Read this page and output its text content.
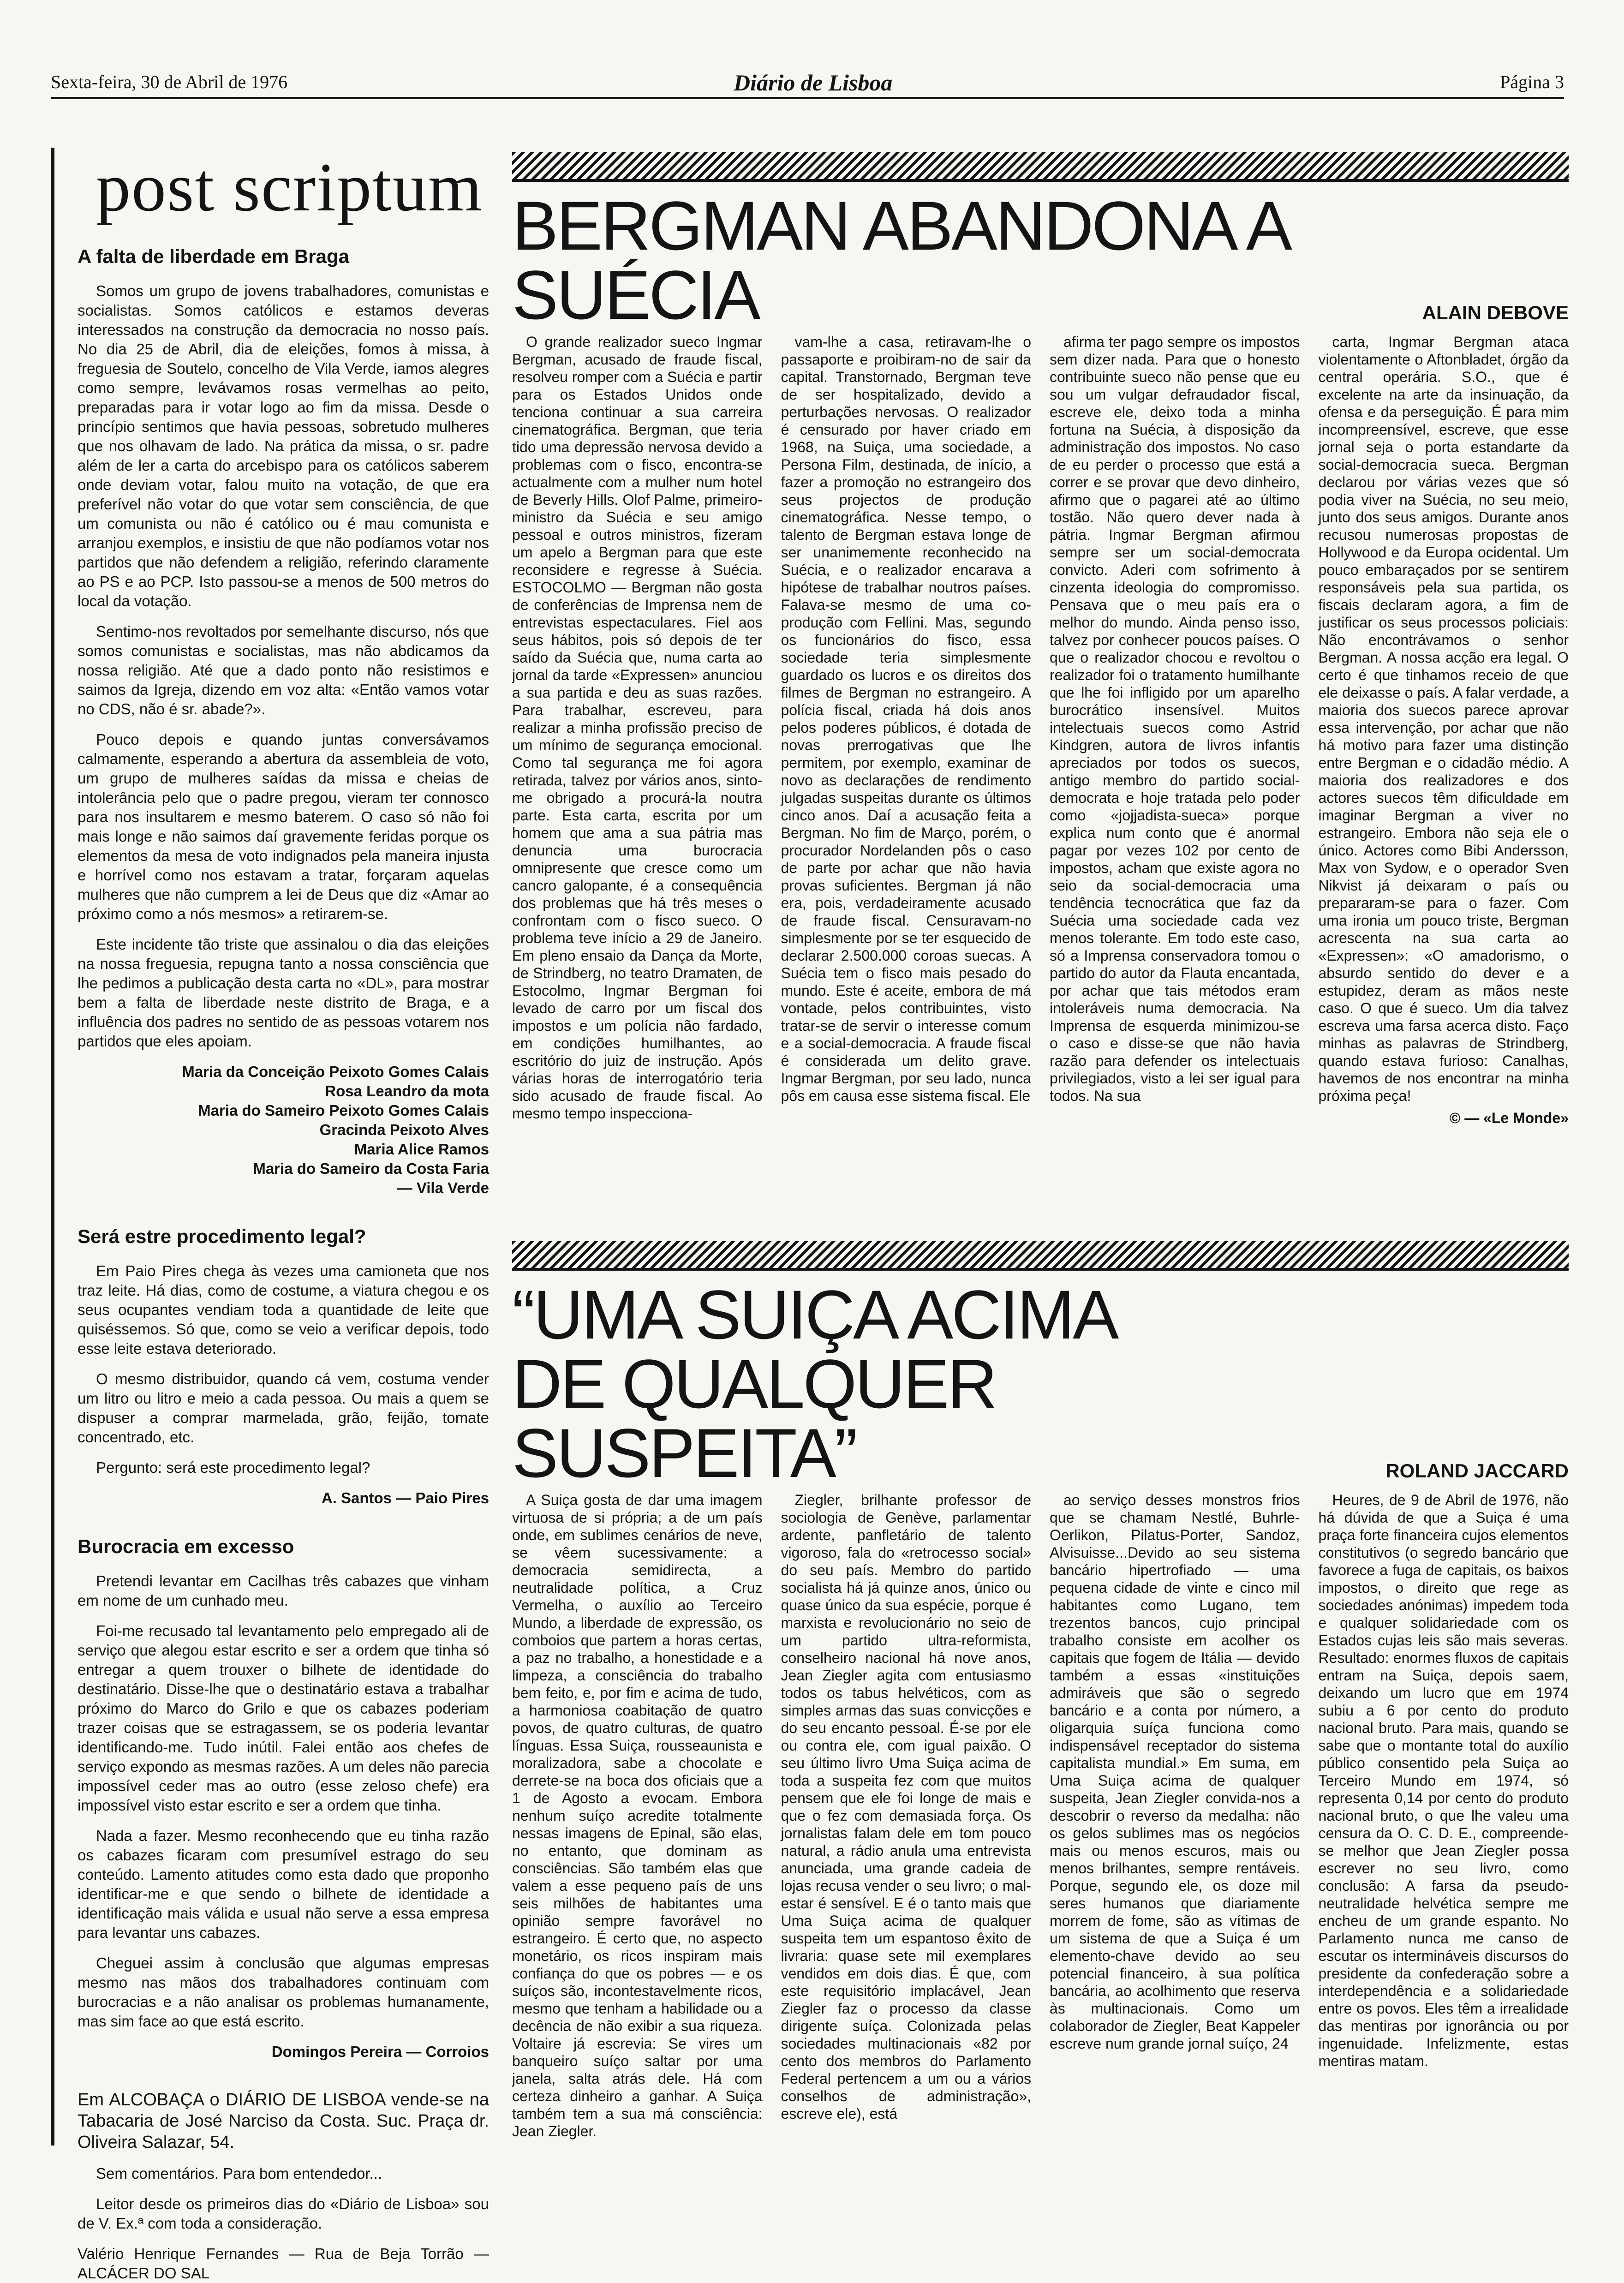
Sexta-feira, 30 de Abril de 1976	Diário de Lisboa	Página 3
post scriptum
A falta de liberdade em Braga

Somos um grupo de jovens trabalhadores, comunistas e socialistas. Somos católicos e estamos deveras interessados na construção da democracia no nosso país. No dia 25 de Abril, dia de eleições, fomos à missa, à freguesia de Soutelo, concelho de Vila Verde, iamos alegres como sempre, levávamos rosas vermelhas ao peito, preparadas para ir votar logo ao fim da missa. Desde o princípio sentimos que havia pessoas, sobretudo mulheres que nos olhavam de lado. Na prática da missa, o sr. padre além de ler a carta do arcebispo para os católicos saberem onde deviam votar, falou muito na votação, de que era preferível não votar do que votar sem consciência, de que um comunista ou não é católico ou é mau comunista e arranjou exemplos, e insistiu de que não podíamos votar nos partidos que não defendem a religião, referindo claramente ao PS e ao PCP. Isto passou-se a menos de 500 metros do local da votação.

Sentimo-nos revoltados por semelhante discurso, nós que somos comunistas e socialistas, mas não abdicamos da nossa religião. Até que a dado ponto não resistimos e saimos da Igreja, dizendo em voz alta: «Então vamos votar no CDS, não é sr. abade?».

Pouco depois e quando juntas conversávamos calmamente, esperando a abertura da assembleia de voto, um grupo de mulheres saídas da missa e cheias de intolerância pelo que o padre pregou, vieram ter connosco para nos insultarem e mesmo baterem. O caso só não foi mais longe e não saimos daí gravemente feridas porque os elementos da mesa de voto indignados pela maneira injusta e horrível como nos estavam a tratar, forçaram aquelas mulheres que não cumprem a lei de Deus que diz «Amar ao próximo como a nós mesmos» a retirarem-se.

Este incidente tão triste que assinalou o dia das eleições na nossa freguesia, repugna tanto a nossa consciência que lhe pedimos a publicação desta carta no «DL», para mostrar bem a falta de liberdade neste distrito de Braga, e a influência dos padres no sentido de as pessoas votarem nos partidos que eles apoiam.

Maria da Conceição Peixoto Gomes Calais

Rosa Leandro da mota

Maria do Sameiro Peixoto Gomes Calais

Gracinda Peixoto Alves

Maria Alice Ramos

Maria do Sameiro da Costa Faria

— Vila Verde

Será estre procedimento legal?

Em Paio Pires chega às vezes uma camioneta que nos traz leite. Há dias, como de costume, a viatura chegou e os seus ocupantes vendiam toda a quantidade de leite que quiséssemos. Só que, como se veio a verificar depois, todo esse leite estava deteriorado.

O mesmo distribuidor, quando cá vem, costuma vender um litro ou litro e meio a cada pessoa. Ou mais a quem se dispuser a comprar marmelada, grão, feijão, tomate concentrado, etc.

Pergunto: será este procedimento legal?

A. Santos — Paio Pires

Burocracia em excesso

Pretendi levantar em Cacilhas três cabazes que vinham em nome de um cunhado meu.

Foi-me recusado tal levantamento pelo empregado ali de serviço que alegou estar escrito e ser a ordem que tinha só entregar a quem trouxer o bilhete de identidade do destinatário. Disse-lhe que o destinatário estava a trabalhar próximo do Marco do Grilo e que os cabazes poderiam trazer coisas que se estragassem, se os poderia levantar identificando-me. Tudo inútil. Falei então aos chefes de serviço expondo as mesmas razões. A um deles não parecia impossível ceder mas ao outro (esse zeloso chefe) era impossível visto estar escrito e ser a ordem que tinha.

Nada a fazer. Mesmo reconhecendo que eu tinha razão os cabazes ficaram com presumível estrago do seu conteúdo. Lamento atitudes como esta dado que proponho identificar-me e que sendo o bilhete de identidade a identificação mais válida e usual não serve a essa empresa para levantar uns cabazes.

Cheguei assim à conclusão que algumas empresas mesmo nas mãos dos trabalhadores continuam com burocracias e a não analisar os problemas humanamente, mas sim face ao que está escrito.

Domingos Pereira — Corroios

Em ALCOBAÇA o DIÁRIO DE LISBOA vende-se na Tabacaria de José Narciso da Costa. Suc. Praça dr. Oliveira Salazar, 54.

Sem comentários. Para bom entendedor...

Leitor desde os primeiros dias do «Diário de Lisboa» sou de V. Ex.ª com toda a consideração.

Valério Henrique Fernandes — Rua de Beja Torrão — ALCÁCER DO SAL

BERGMAN ABANDONA A SUÉCIA	ALAIN DEBOVE

O grande realizador sueco Ingmar Bergman, acusado de fraude fiscal, resolveu romper com a Suécia e partir para os Estados Unidos onde tenciona continuar a sua carreira cinematográfica. Bergman, que teria tido uma depressão nervosa devido a problemas com o fisco, encontra-se actualmente com a mulher num hotel de Beverly Hills. Olof Palme, primeiro-ministro da Suécia e seu amigo pessoal e outros ministros, fizeram um apelo a Bergman para que este reconsidere e regresse à Suécia. ESTOCOLMO — Bergman não gosta de conferências de Imprensa nem de entrevistas espectaculares. Fiel aos seus hábitos, pois só depois de ter saído da Suécia que, numa carta ao jornal da tarde «Expressen» anunciou a sua partida e deu as suas razões. Para trabalhar, escreveu, para realizar a minha profissão preciso de um mínimo de segurança emocional. Como tal segurança me foi agora retirada, talvez por vários anos, sinto-me obrigado a procurá-la noutra parte. Esta carta, escrita por um homem que ama a sua pátria mas denuncia uma burocracia omnipresente que cresce como um cancro galopante, é a consequência dos problemas que há três meses o confrontam com o fisco sueco. O problema teve início a 29 de Janeiro. Em pleno ensaio da Dança da Morte, de Strindberg, no teatro Dramaten, de Estocolmo, Ingmar Bergman foi levado de carro por um fiscal dos impostos e um polícia não fardado, em condições humilhantes, ao escritório do juiz de instrução. Após várias horas de interrogatório teria sido acusado de fraude fiscal. Ao mesmo tempo inspecciona-

vam-lhe a casa, retiravam-lhe o passaporte e proibiram-no de sair da capital. Transtornado, Bergman teve de ser hospitalizado, devido a perturbações nervosas. O realizador é censurado por haver criado em 1968, na Suiça, uma sociedade, a Persona Film, destinada, de início, a fazer a promoção no estrangeiro dos seus projectos de produção cinematográfica. Nesse tempo, o talento de Bergman estava longe de ser unanimemente reconhecido na Suécia, e o realizador encarava a hipótese de trabalhar noutros países. Falava-se mesmo de uma co-produção com Fellini. Mas, segundo os funcionários do fisco, essa sociedade teria simplesmente guardado os lucros e os direitos dos filmes de Bergman no estrangeiro. A polícia fiscal, criada há dois anos pelos poderes públicos, é dotada de novas prerrogativas que lhe permitem, por exemplo, examinar de novo as declarações de rendimento julgadas suspeitas durante os últimos cinco anos. Daí a acusação feita a Bergman. No fim de Março, porém, o procurador Nordelanden pôs o caso de parte por achar que não havia provas suficientes. Bergman já não era, pois, verdadeiramente acusado de fraude fiscal. Censuravam-no simplesmente por se ter esquecido de declarar 2.500.000 coroas suecas. A Suécia tem o fisco mais pesado do mundo. Este é aceite, embora de má vontade, pelos contribuintes, visto tratar-se de servir o interesse comum e a social-democracia. A fraude fiscal é considerada um delito grave. Ingmar Bergman, por seu lado, nunca pôs em causa esse sistema fiscal. Ele

afirma ter pago sempre os impostos sem dizer nada. Para que o honesto contribuinte sueco não pense que eu sou um vulgar defraudador fiscal, escreve ele, deixo toda a minha fortuna na Suécia, à disposição da administração dos impostos. No caso de eu perder o processo que está a correr e se provar que devo dinheiro, afirmo que o pagarei até ao último tostão. Não quero dever nada à pátria. Ingmar Bergman afirmou sempre ser um social-democrata convicto. Aderi com sofrimento à cinzenta ideologia do compromisso. Pensava que o meu país era o melhor do mundo. Ainda penso isso, talvez por conhecer poucos países. O que o realizador chocou e revoltou o realizador foi o tratamento humilhante que lhe foi infligido por um aparelho burocrático insensível. Muitos intelectuais suecos como Astrid Kindgren, autora de livros infantis apreciados por todos os suecos, antigo membro do partido social-democrata e hoje tratada pelo poder como «jojjadista-sueca» porque explica num conto que é anormal pagar por vezes 102 por cento de impostos, acham que existe agora no seio da social-democracia uma tendência tecnocrática que faz da Suécia uma sociedade cada vez menos tolerante. Em todo este caso, só a Imprensa conservadora tomou o partido do autor da Flauta encantada, por achar que tais métodos eram intoleráveis numa democracia. Na Imprensa de esquerda minimizou-se o caso e disse-se que não havia razão para defender os intelectuais privilegiados, visto a lei ser igual para todos. Na sua

carta, Ingmar Bergman ataca violentamente o Aftonbladet, órgão da central operária. S.O., que é excelente na arte da insinuação, da ofensa e da perseguição. É para mim incompreensível, escreve, que esse jornal seja o porta estandarte da social-democracia sueca. Bergman declarou por várias vezes que só podia viver na Suécia, no seu meio, junto dos seus amigos. Durante anos recusou numerosas propostas de Hollywood e da Europa ocidental. Um pouco embaraçados por se sentirem responsáveis pela sua partida, os fiscais declaram agora, a fim de justificar os seus processos policiais: Não encontrávamos o senhor Bergman. A nossa acção era legal. O certo é que tinhamos receio de que ele deixasse o país. A falar verdade, a maioria dos suecos parece aprovar essa intervenção, por achar que não há motivo para fazer uma distinção entre Bergman e o cidadão médio. A maioria dos realizadores e dos actores suecos têm dificuldade em imaginar Bergman a viver no estrangeiro. Embora não seja ele o único. Actores como Bibi Andersson, Max von Sydow, e o operador Sven Nikvist já deixaram o país ou prepararam-se para o fazer. Com uma ironia um pouco triste, Bergman acrescenta na sua carta ao «Expressen»: «O amadorismo, o absurdo sentido do dever e a estupidez, deram as mãos neste caso. O que é sueco. Um dia talvez escreva uma farsa acerca disto. Faço minhas as palavras de Strindberg, quando estava furioso: Canalhas, havemos de nos encontrar na minha próxima peça!

© — «Le Monde»

“UMA SUIÇA ACIMA
DE QUALQUER SUSPEITA”	ROLAND JACCARD

A Suiça gosta de dar uma imagem virtuosa de si própria; a de um país onde, em sublimes cenários de neve, se vêem sucessivamente: a democracia semidirecta, a neutralidade política, a Cruz Vermelha, o auxílio ao Terceiro Mundo, a liberdade de expressão, os comboios que partem a horas certas, a paz no trabalho, a honestidade e a limpeza, a consciência do trabalho bem feito, e, por fim e acima de tudo, a harmoniosa coabitação de quatro povos, de quatro culturas, de quatro línguas. Essa Suiça, rousseaunista e moralizadora, sabe a chocolate e derrete-se na boca dos oficiais que a 1 de Agosto a evocam. Embora nenhum suíço acredite totalmente nessas imagens de Epinal, são elas, no entanto, que dominam as consciências. São também elas que valem a esse pequeno país de uns seis milhões de habitantes uma opinião sempre favorável no estrangeiro. É certo que, no aspecto monetário, os ricos inspiram mais confiança do que os pobres — e os suíços são, incontestavelmente ricos, mesmo que tenham a habilidade ou a decência de não exibir a sua riqueza. Voltaire já escrevia: Se vires um banqueiro suíço saltar por uma janela, salta atrás dele. Há com certeza dinheiro a ganhar. A Suiça também tem a sua má consciência: Jean Ziegler.

Ziegler, brilhante professor de sociologia de Genève, parlamentar ardente, panfletário de talento vigoroso, fala do «retrocesso social» do seu país. Membro do partido socialista há já quinze anos, único ou quase único da sua espécie, porque é marxista e revolucionário no seio de um partido ultra-reformista, conselheiro nacional há nove anos, Jean Ziegler agita com entusiasmo todos os tabus helvéticos, com as simples armas das suas convicções e do seu encanto pessoal. É-se por ele ou contra ele, com igual paixão. O seu último livro Uma Suiça acima de toda a suspeita fez com que muitos pensem que ele foi longe de mais e que o fez com demasiada força. Os jornalistas falam dele em tom pouco natural, a rádio anula uma entrevista anunciada, uma grande cadeia de lojas recusa vender o seu livro; o mal-estar é sensível. E é o tanto mais que Uma Suiça acima de qualquer suspeita tem um espantoso êxito de livraria: quase sete mil exemplares vendidos em dois dias. É que, com este requisitório implacável, Jean Ziegler faz o processo da classe dirigente suíça. Colonizada pelas sociedades multinacionais «82 por cento dos membros do Parlamento Federal pertencem a um ou a vários conselhos de administração», escreve ele), está

ao serviço desses monstros frios que se chamam Nestlé, Buhrle-Oerlikon, Pilatus-Porter, Sandoz, Alvisuisse...Devido ao seu sistema bancário hipertrofiado — uma pequena cidade de vinte e cinco mil habitantes como Lugano, tem trezentos bancos, cujo principal trabalho consiste em acolher os capitais que fogem de Itália — devido também a essas «instituições admiráveis que são o segredo bancário e a conta por número, a oligarquia suíça funciona como indispensável receptador do sistema capitalista mundial.» Em suma, em Uma Suiça acima de qualquer suspeita, Jean Ziegler convida-nos a descobrir o reverso da medalha: não os gelos sublimes mas os negócios mais ou menos escuros, mais ou menos brilhantes, sempre rentáveis. Porque, segundo ele, os doze mil seres humanos que diariamente morrem de fome, são as vítimas de um sistema de que a Suiça é um elemento-chave devido ao seu potencial financeiro, à sua política bancária, ao acolhimento que reserva às multinacionais. Como um colaborador de Ziegler, Beat Kappeler escreve num grande jornal suíço, 24

Heures, de 9 de Abril de 1976, não há dúvida de que a Suiça é uma praça forte financeira cujos elementos constitutivos (o segredo bancário que favorece a fuga de capitais, os baixos impostos, o direito que rege as sociedades anónimas) impedem toda e qualquer solidariedade com os Estados cujas leis são mais severas. Resultado: enormes fluxos de capitais entram na Suiça, depois saem, deixando um lucro que em 1974 subiu a 6 por cento do produto nacional bruto. Para mais, quando se sabe que o montante total do auxílio público consentido pela Suiça ao Terceiro Mundo em 1974, só representa 0,14 por cento do produto nacional bruto, o que lhe valeu uma censura da O. C. D. E., compreende-se melhor que Jean Ziegler possa escrever no seu livro, como conclusão: A farsa da pseudo-neutralidade helvética sempre me encheu de um grande espanto. No Parlamento nunca me canso de escutar os intermináveis discursos do presidente da confederação sobre a interdependência e a solidariedade entre os povos. Eles têm a irrealidade das mentiras por ignorância ou por ingenuidade. Infelizmente, estas mentiras matam.
